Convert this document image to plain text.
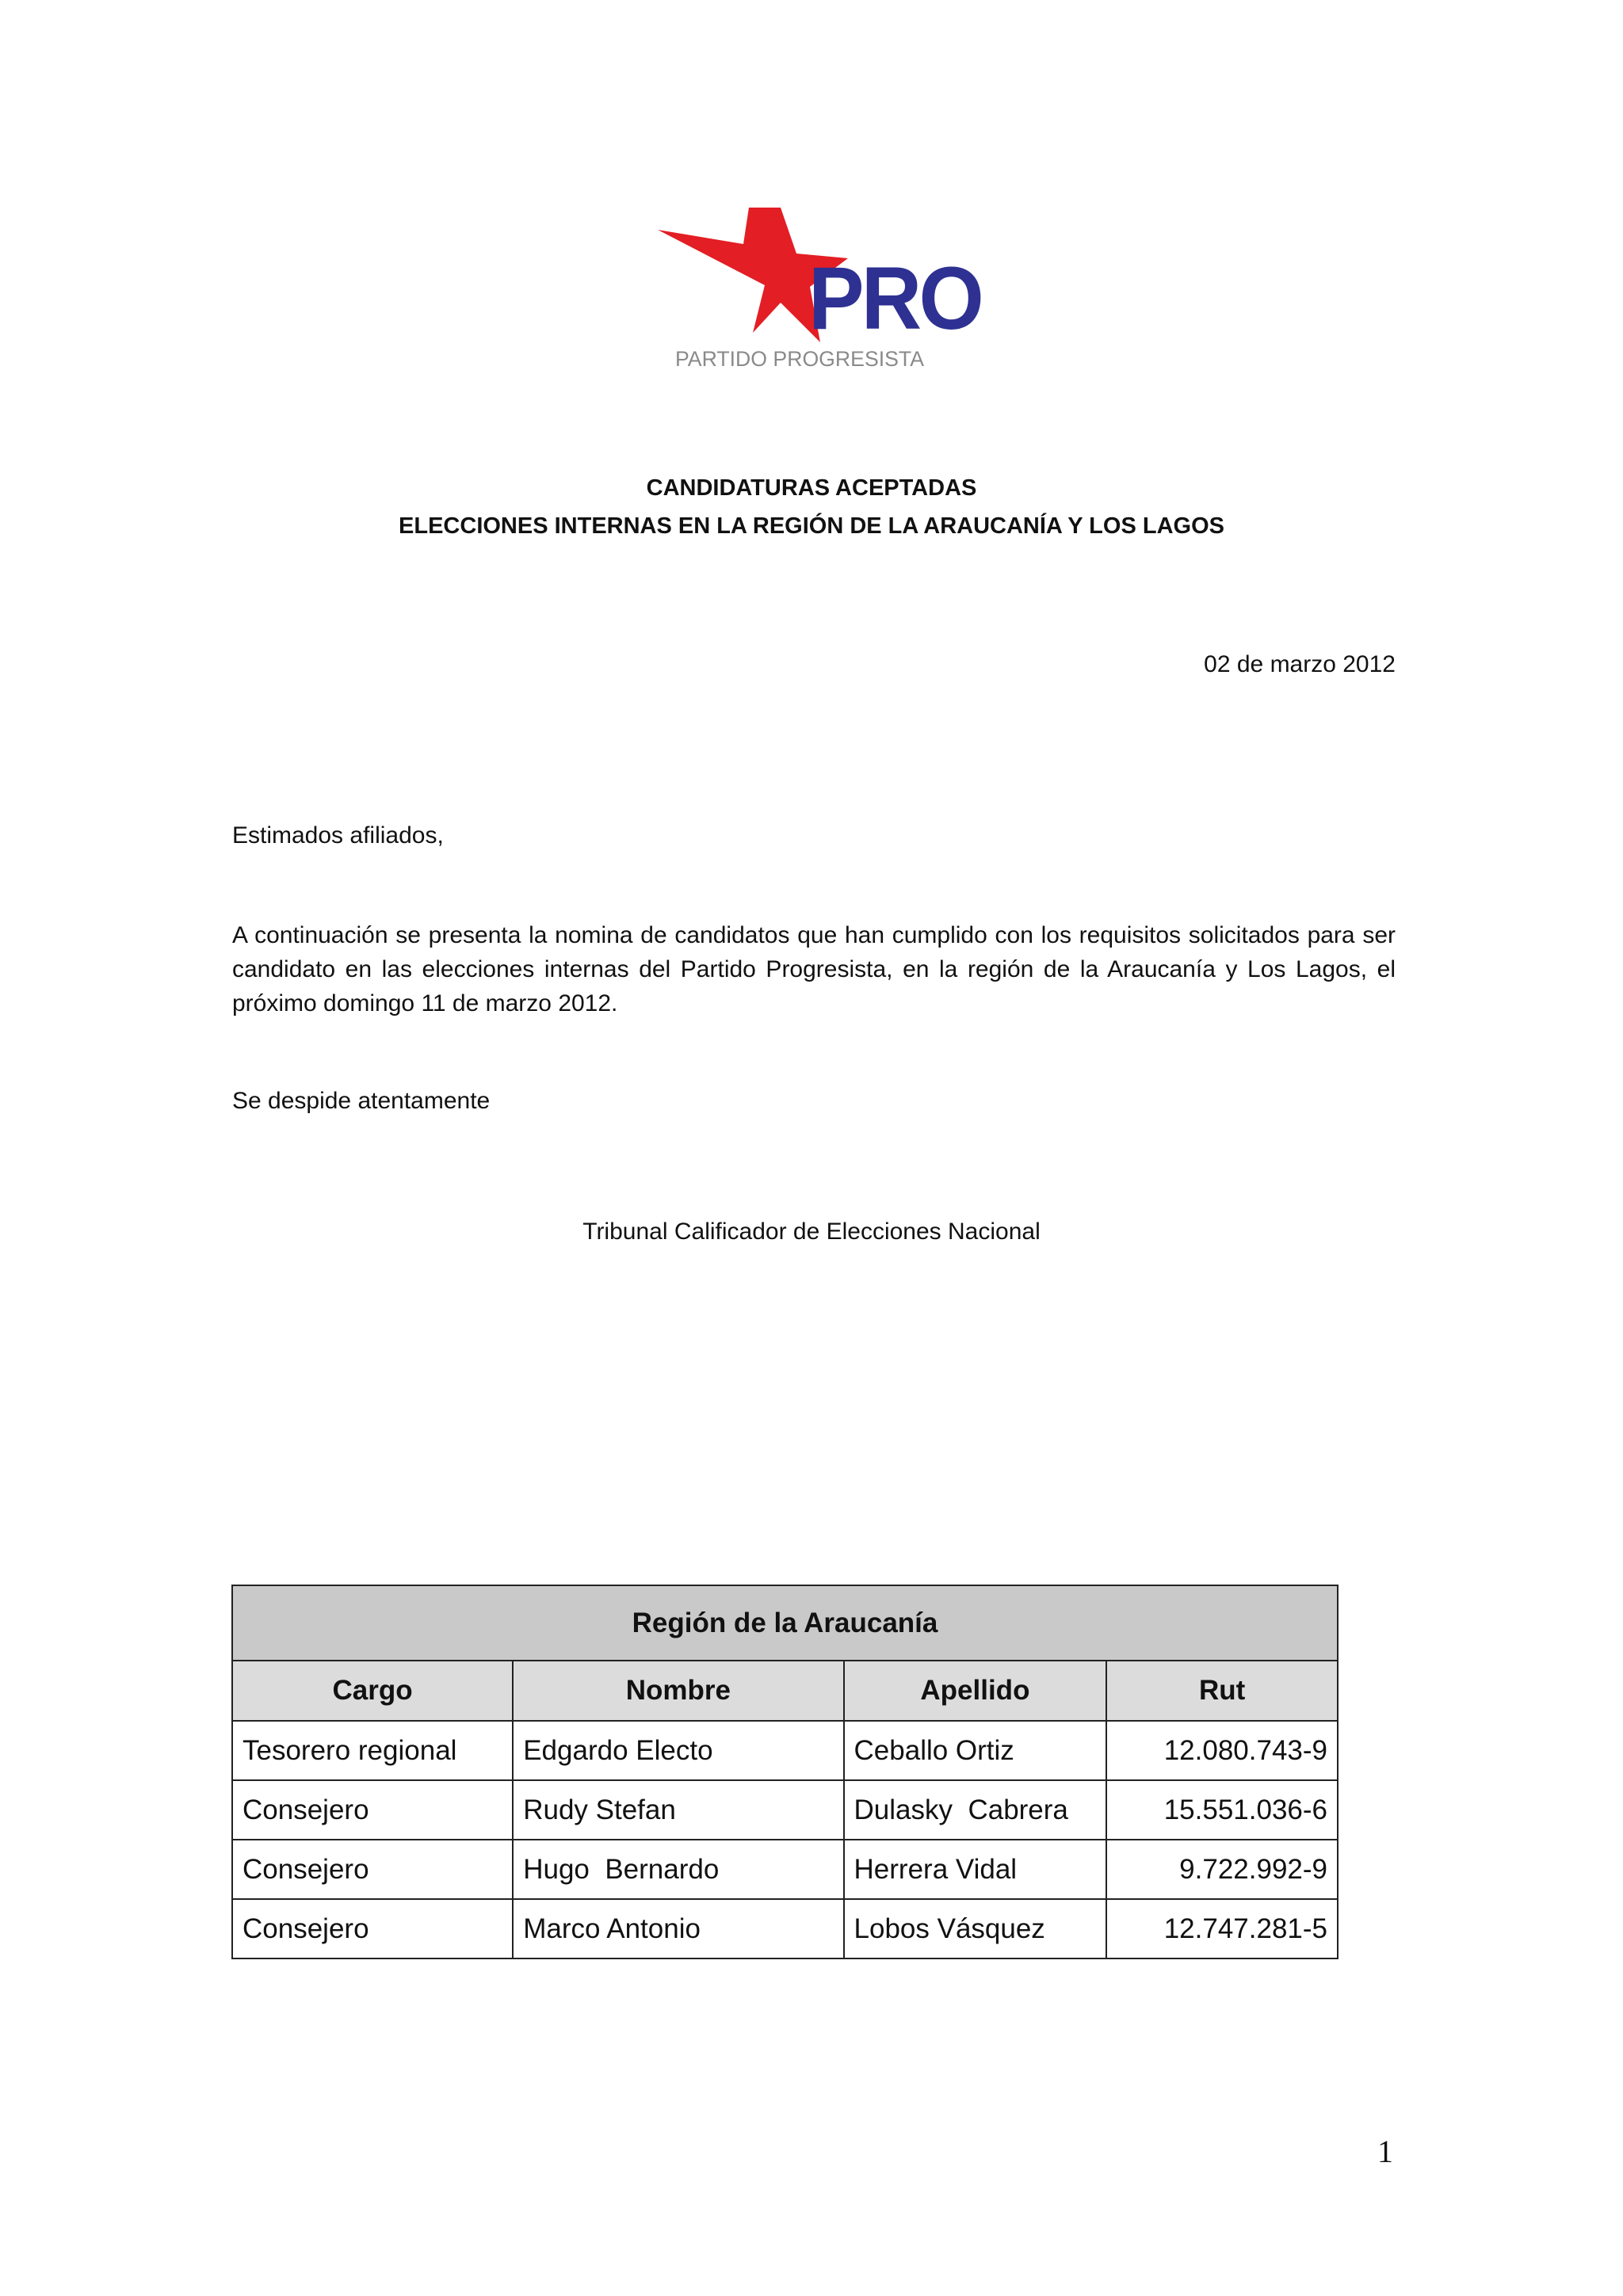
PRO
PARTIDO PROGRESISTA
CANDIDATURAS ACEPTADAS
ELECCIONES INTERNAS EN LA REGIÓN DE LA ARAUCANÍA Y LOS LAGOS
02 de marzo 2012
Estimados afiliados,
A continuación se presenta la nomina de candidatos que han cumplido con los requisitos solicitados para ser candidato en las elecciones internas del Partido Progresista, en la región de la Araucanía y Los Lagos, el próximo domingo 11 de marzo 2012.
Se despide atentamente
Tribunal Calificador de Elecciones Nacional
Región de la Araucanía			
Cargo	Nombre	Apellido	Rut
Tesorero regional	Edgardo Electo	Ceballo Ortiz	12.080.743-9
Consejero	Rudy Stefan	Dulasky  Cabrera	15.551.036-6
Consejero	Hugo  Bernardo	Herrera Vidal	9.722.992-9
Consejero	Marco Antonio	Lobos Vásquez	12.747.281-5
1
